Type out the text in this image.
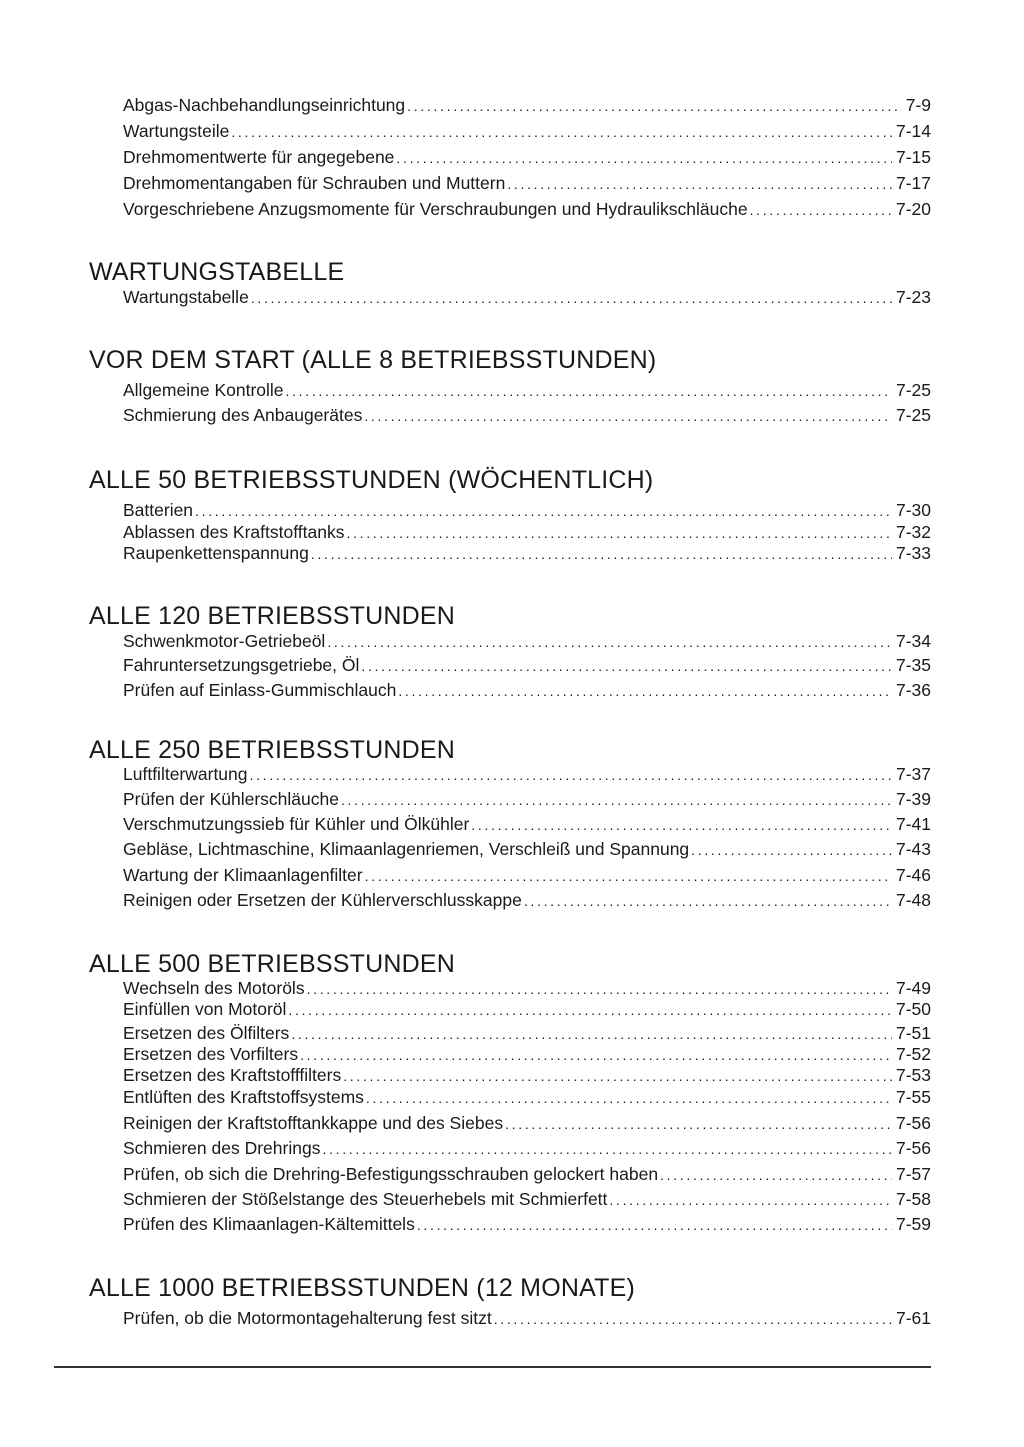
Abgas-Nachbehandlungseinrichtung . . .	7-9
Wartungsteile . . .	7-14
Drehmomentwerte für angegebene . . .	7-15
Drehmomentangaben für Schrauben und Muttern . . .	7-17
Vorgeschriebene Anzugsmomente für Verschraubungen und Hydraulikschläuche . . .	7-20
WARTUNGSTABELLE
Wartungstabelle . . .	7-23
VOR DEM START (ALLE 8 BETRIEBSSTUNDEN)
Allgemeine Kontrolle . . .	7-25
Schmierung des Anbaugerätes . . .	7-25
ALLE 50 BETRIEBSSTUNDEN (WÖCHENTLICH)
Batterien . . .	7-30
Ablassen des Kraftstofftanks . . .	7-32
Raupenkettenspannung . . .	7-33
ALLE 120 BETRIEBSSTUNDEN
Schwenkmotor-Getriebeöl . . .	7-34
Fahruntersetzungsgetriebe, Öl . . .	7-35
Prüfen auf Einlass-Gummischlauch . . .	7-36
ALLE 250 BETRIEBSSTUNDEN
Luftfilterwartung . . .	7-37
Prüfen der Kühlerschläuche . . .	7-39
Verschmutzungssieb für Kühler und Ölkühler . . .	7-41
Gebläse, Lichtmaschine, Klimaanlagenriemen, Verschleiß und Spannung . . .	7-43
Wartung der Klimaanlagenfilter . . .	7-46
Reinigen oder Ersetzen der Kühlerverschlusskappe . . .	7-48
ALLE 500 BETRIEBSSTUNDEN
Wechseln des Motoröls . . .	7-49
Einfüllen von Motoröl . . .	7-50
Ersetzen des Ölfilters . . .	7-51
Ersetzen des Vorfilters . . .	7-52
Ersetzen des Kraftstofffilters . . .	7-53
Entlüften des Kraftstoffsystems . . .	7-55
Reinigen der Kraftstofftankkappe und des Siebes . . .	7-56
Schmieren des Drehrings . . .	7-56
Prüfen, ob sich die Drehring-Befestigungsschrauben gelockert haben . . .	7-57
Schmieren der Stößelstange des Steuerhebels mit Schmierfett . . .	7-58
Prüfen des Klimaanlagen-Kältemittels . . .	7-59
ALLE 1000 BETRIEBSSTUNDEN (12 MONATE)
Prüfen, ob die Motormontagehalterung fest sitzt . . .	7-61
